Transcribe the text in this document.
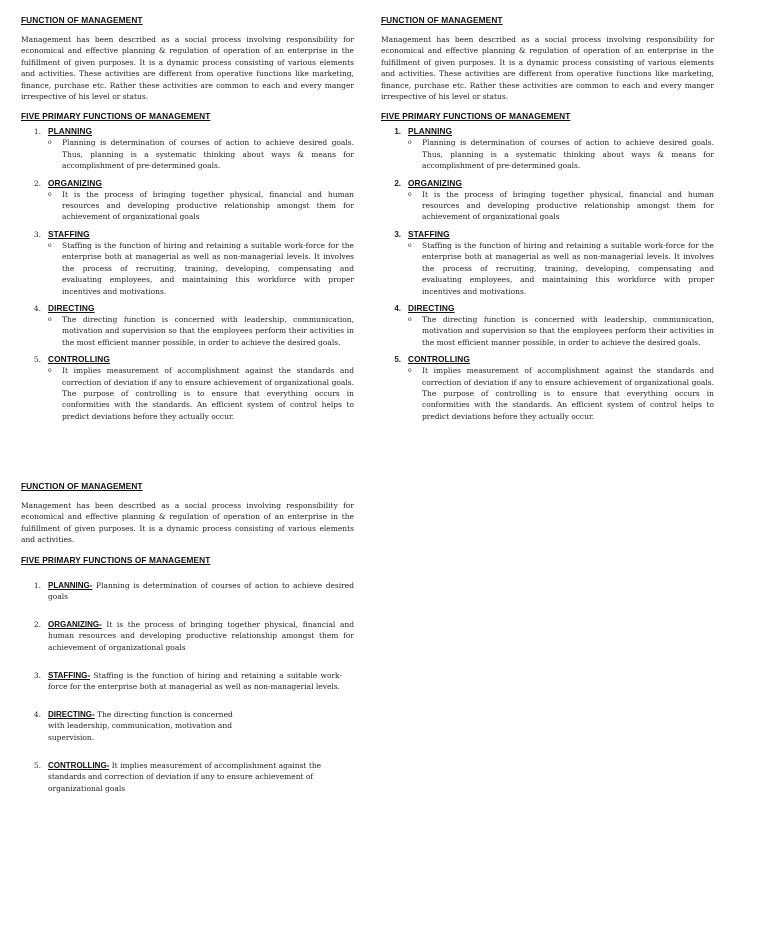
FUNCTION OF MANAGEMENT

Management has been described as a social process involving responsibility for economical and effective planning & regulation of operation of an enterprise in the fulfillment of given purposes. It is a dynamic process consisting of various elements and activities. These activities are different from operative functions like marketing, finance, purchase etc. Rather these activities are common to each and every manger irrespective of his level or status.

FIVE PRIMARY FUNCTIONS OF MANAGEMENT

1. PLANNING
o	Planning is determination of courses of action to achieve desired goals. Thus, planning is a systematic thinking about ways & means for accomplishment of pre-determined goals.
2. ORGANIZING
o	It is the process of bringing together physical, financial and human resources and developing productive relationship amongst them for achievement of organizational goals
3. STAFFING
o	Staffing is the function of hiring and retaining a suitable work-force for the enterprise both at managerial as well as non-managerial levels. It involves the process of recruiting, training, developing, compensating and evaluating employees, and maintaining this workforce with proper incentives and motivations.
4. DIRECTING
o	The directing function is concerned with leadership, communication, motivation and supervision so that the employees perform their activities in the most efficient manner possible, in order to achieve the desired goals.
5. CONTROLLING
o	It implies measurement of accomplishment against the standards and correction of deviation if any to ensure achievement of organizational goals. The purpose of controlling is to ensure that everything occurs in conformities with the standards. An efficient system of control helps to predict deviations before they actually occur.

FUNCTION OF MANAGEMENT

Management has been described as a social process involving responsibility for economical and effective planning & regulation of operation of an enterprise in the fulfillment of given purposes. It is a dynamic process consisting of various elements and activities. These activities are different from operative functions like marketing, finance, purchase etc. Rather these activities are common to each and every manger irrespective of his level or status.

FIVE PRIMARY FUNCTIONS OF MANAGEMENT

1. PLANNING
o	Planning is determination of courses of action to achieve desired goals. Thus, planning is a systematic thinking about ways & means for accomplishment of pre-determined goals.
2. ORGANIZING
o	It is the process of bringing together physical, financial and human resources and developing productive relationship amongst them for achievement of organizational goals
3. STAFFING
o	Staffing is the function of hiring and retaining a suitable work-force for the enterprise both at managerial as well as non-managerial levels. It involves the process of recruiting, training, developing, compensating and evaluating employees, and maintaining this workforce with proper incentives and motivations.
4. DIRECTING
o	The directing function is concerned with leadership, communication, motivation and supervision so that the employees perform their activities in the most efficient manner possible, in order to achieve the desired goals.
5. CONTROLLING
o	It implies measurement of accomplishment against the standards and correction of deviation if any to ensure achievement of organizational goals. The purpose of controlling is to ensure that everything occurs in conformities with the standards. An efficient system of control helps to predict deviations before they actually occur.

FUNCTION OF MANAGEMENT

Management has been described as a social process involving responsibility for economical and effective planning & regulation of operation of an enterprise in the fulfillment of given purposes. It is a dynamic process consisting of various elements and activities.

FIVE PRIMARY FUNCTIONS OF MANAGEMENT

1. PLANNING- Planning is determination of courses of action to achieve desired goals
2. ORGANIZING- It is the process of bringing together physical, financial and human resources and developing productive relationship amongst them for achievement of organizational goals
3. STAFFING- Staffing is the function of hiring and retaining a suitable work-force for the enterprise both at managerial as well as non-managerial levels.
4. DIRECTING- The directing function is concerned with leadership, communication, motivation and supervision.
5. CONTROLLING- It implies measurement of accomplishment against the standards and correction of deviation if any to ensure achievement of organizational goals
